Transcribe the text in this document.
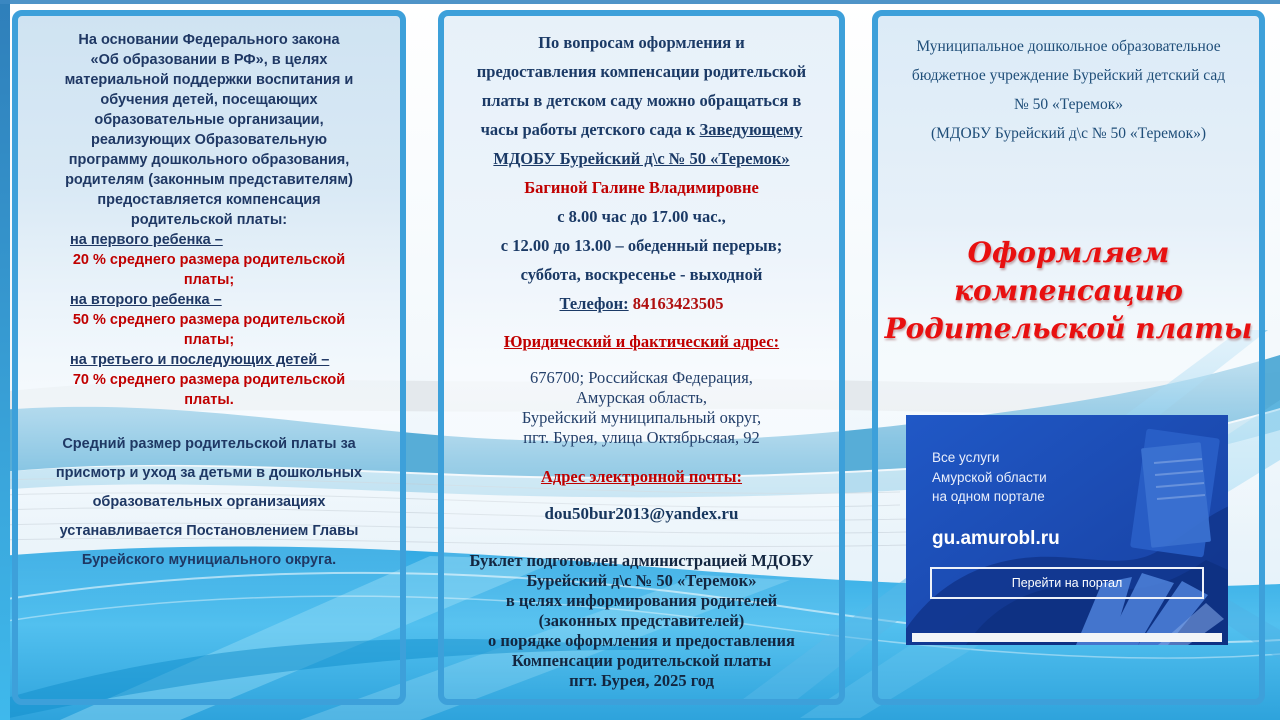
На основании Федерального закона
«Об образовании в РФ», в целях
материальной поддержки воспитания и
обучения детей, посещающих
образовательные организации,
реализующих Образовательную
программу дошкольного образования,
родителям (законным представителям)
предоставляется компенсация
родительской платы:
на первого ребенка –
20 % среднего размера родительской
платы;
на второго ребенка –
50 % среднего размера родительской
платы;
на третьего и последующих детей –
70 % среднего размера родительской
платы.
Средний размер родительской платы за
присмотр и уход за детьми в дошкольных
образовательных организациях
устанавливается Постановлением Главы
Бурейского мунициального округа.
По вопросам оформления и
предоставления компенсации родительской
платы в детском саду можно обращаться в
часы работы детского сада к Заведующему
МДОБУ Бурейский д\с № 50 «Теремок»
Багиной Галине Владимировне
с 8.00 час до 17.00 час.,
с 12.00 до 13.00 – обеденный перерыв;
суббота, воскресенье - выходной
Телефон: 84163423505
Юридический и фактический адрес:
676700; Российская Федерация,
Амурская область,
Бурейский муниципальный округ,
пгт. Бурея, улица Октябрьсяая, 92
Адрес электронной почты:
dou50bur2013@yandex.ru
Буклет подготовлен администрацией МДОБУ
Бурейский д\с № 50 «Теремок»
в целях информирования родителей
(законных представителей)
о порядке оформления и предоставления
Компенсации родительской платы
пгт. Бурея, 2025 год
Муниципальное дошкольное образовательное
бюджетное учреждение Бурейский детский сад
№ 50 «Теремок»
(МДОБУ Бурейский д\с № 50 «Теремок»)
Оформляем
компенсацию
Родительской платы
Все услуги
Амурской области
на одном портале
gu.amurobl.ru
Перейти на портал
